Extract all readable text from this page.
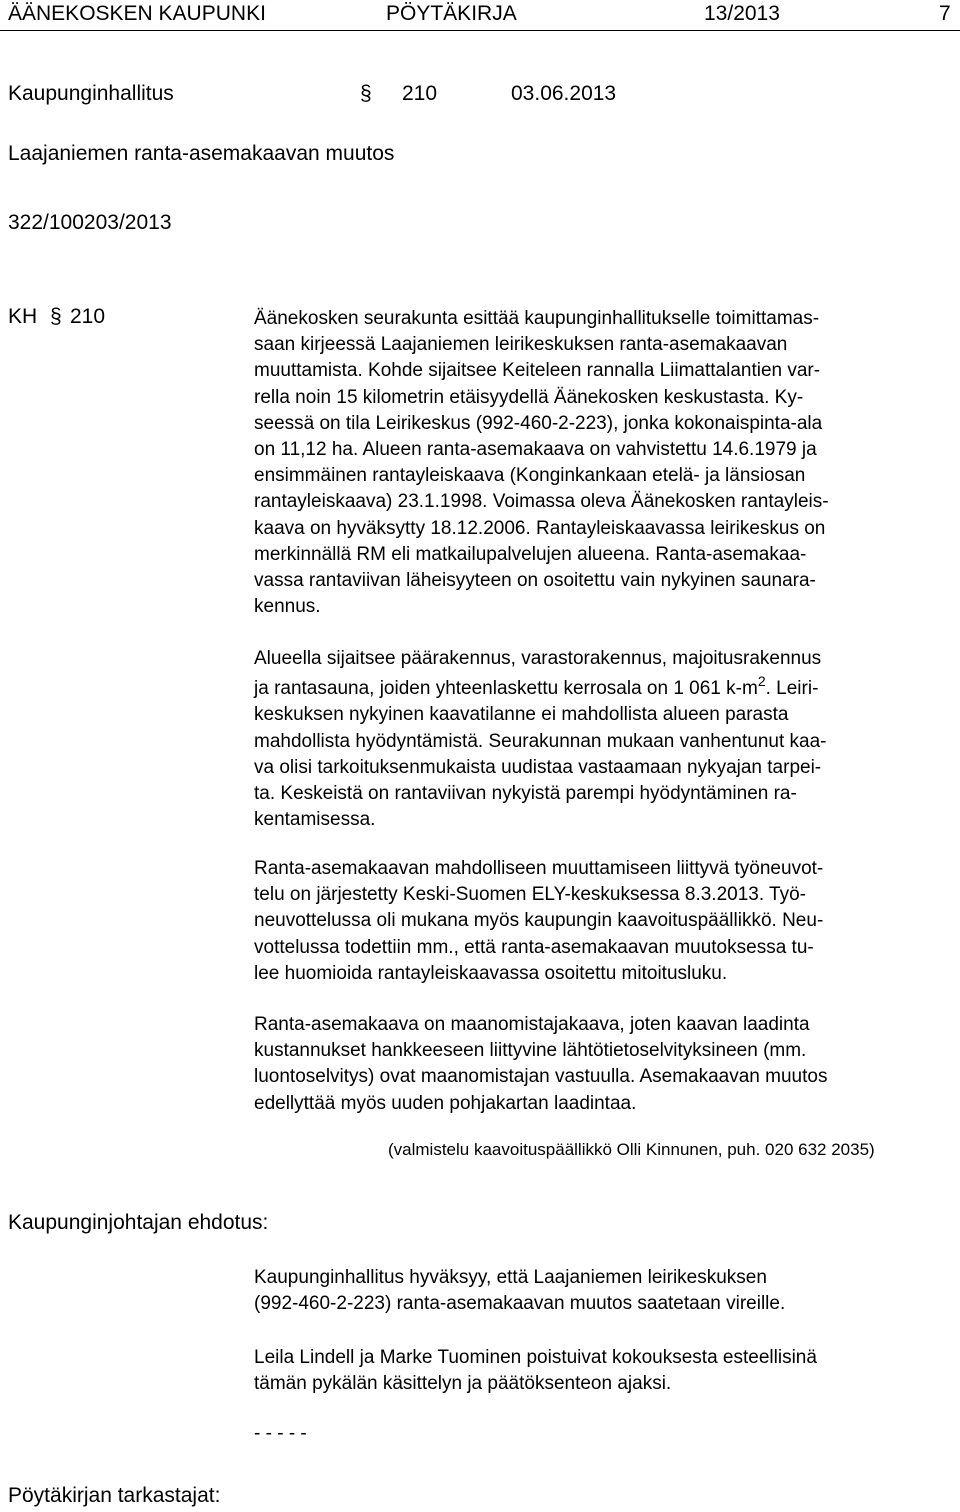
ÄÄNEKOSKEN KAUPUNKI	PÖYTÄKIRJA	13/2013	7
Kaupunginhallitus	§ 210	03.06.2013
Laajaniemen ranta-asemakaavan muutos
322/100203/2013
KH § 210	Äänekosken seurakunta esittää kaupunginhallitukselle toimittamas-
saan kirjeessä Laajaniemen leirikeskuksen ranta-asemakaavan
muuttamista. Kohde sijaitsee Keiteleen rannalla Liimattalantien var-
rella noin 15 kilometrin etäisyydellä Äänekosken keskustasta. Ky-
seessä on tila Leirikeskus (992-460-2-223), jonka kokonaispinta-ala
on 11,12 ha. Alueen ranta-asemakaava on vahvistettu 14.6.1979 ja
ensimmäinen rantayleiskaava (Konginkankaan etelä- ja länsiosan
rantayleiskaava) 23.1.1998. Voimassa oleva Äänekosken rantayleis-
kaava on hyväksytty 18.12.2006. Rantayleiskaavassa leirikeskus on
merkinnällä RM eli matkailupalvelujen alueena. Ranta-asemakaa-
vassa rantaviivan läheisyyteen on osoitettu vain nykyinen saunara-
kennus.
Alueella sijaitsee päärakennus, varastorakennus, majoitusrakennus
ja rantasauna, joiden yhteenlaskettu kerrosala on 1 061 $k-m^2$. Leiri-
keskuksen nykyinen kaavatilanne ei mahdollista alueen parasta
mahdollista hyödyntämistä. Seurakunnan mukaan vanhentunut kaa-
va olisi tarkoituksenmukaista uudistaa vastaamaan nykyajan tarpei-
ta. Keskeistä on rantaviivan nykyistä parempi hyödyntäminen ra-
kentamisessa.
Ranta-asemakaavan mahdolliseen muuttamiseen liittyvä työneuvot-
telu on järjestetty Keski-Suomen ELY-keskuksessa 8.3.2013. Työ-
neuvottelussa oli mukana myös kaupungin kaavoituspäällikkö. Neu-
vottelussa todettiin mm., että ranta-asemakaavan muutoksessa tu-
lee huomioida rantayleiskaavassa osoitettu mitoitusluku.
Ranta-asemakaava on maanomistajakaava, joten kaavan laadinta
kustannukset hankkeeseen liittyvine lähtötietoselvityksineen (mm.
luontoselvitys) ovat maanomistajan vastuulla. Asemakaavan muutos
edellyttää myös uuden pohjakartan laadintaa.
(valmistelu kaavoituspäällikkö Olli Kinnunen, puh. 020 632 2035)
Kaupunginjohtajan ehdotus:
Kaupunginhallitus hyväksyy, että Laajaniemen leirikeskuksen
(992-460-2-223) ranta-asemakaavan muutos saatetaan vireille.
Leila Lindell ja Marke Tuominen poistuivat kokouksesta esteellisinä
tämän pykälän käsittelyn ja päätöksenteon ajaksi.
- - - - -
Pöytäkirjan tarkastajat:
